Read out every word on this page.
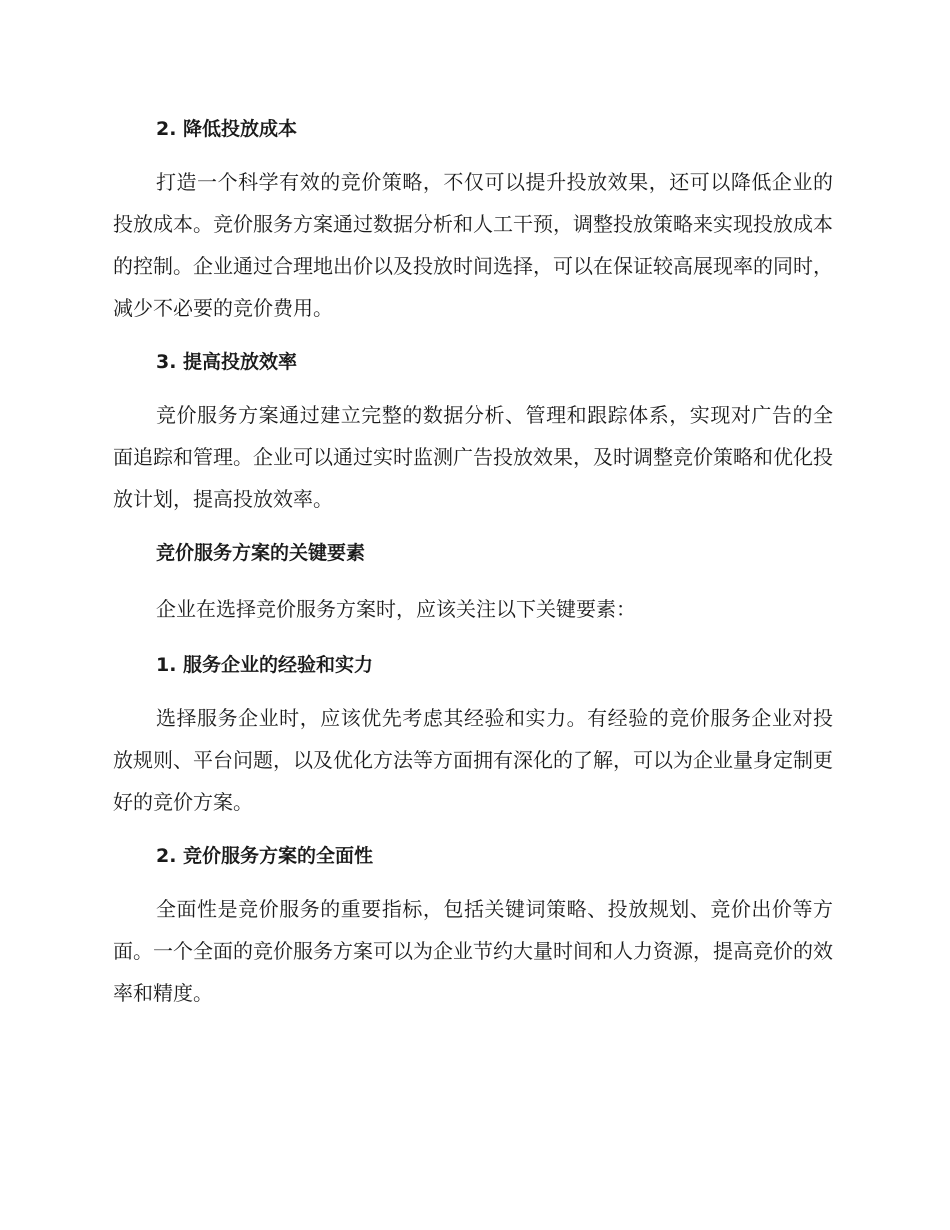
2. 降低投放成本

打造一个科学有效的竞价策略，不仅可以提升投放效果，还可以降低企业的投放成本。竞价服务方案通过数据分析和人工干预，调整投放策略来实现投放成本的控制。企业通过合理地出价以及投放时间选择，可以在保证较高展现率的同时，减少不必要的竞价费用。

3. 提高投放效率

竞价服务方案通过建立完整的数据分析、管理和跟踪体系，实现对广告的全面追踪和管理。企业可以通过实时监测广告投放效果，及时调整竞价策略和优化投放计划，提高投放效率。

竞价服务方案的关键要素

企业在选择竞价服务方案时，应该关注以下关键要素：

1. 服务企业的经验和实力

选择服务企业时，应该优先考虑其经验和实力。有经验的竞价服务企业对投放规则、平台问题，以及优化方法等方面拥有深化的了解，可以为企业量身定制更好的竞价方案。

2. 竞价服务方案的全面性

全面性是竞价服务的重要指标，包括关键词策略、投放规划、竞价出价等方面。一个全面的竞价服务方案可以为企业节约大量时间和人力资源，提高竞价的效率和精度。
